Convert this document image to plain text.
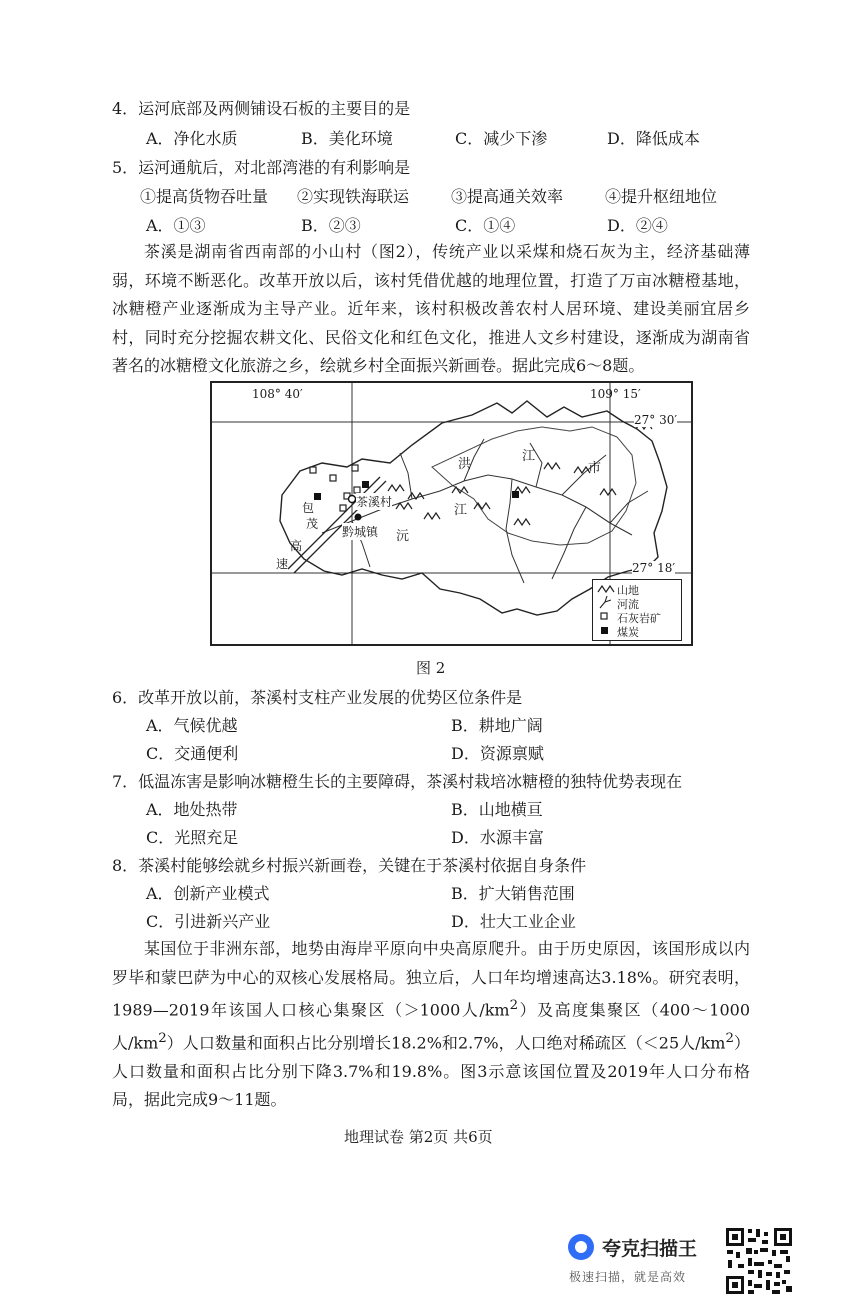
4．运河底部及两侧铺设石板的主要目的是
A．净化水质	B．美化环境	C．减少下渗	D．降低成本
5．运河通航后，对北部湾港的有利影响是
①提高货物吞吐量 ②实现铁海联运	③提高通关效率	④提升枢纽地位
A．①③	B．②③	C．①④	D．②④
茶溪是湖南省西南部的小山村（图2），传统产业以采煤和烧石灰为主，经济基础薄弱，环境不断恶化。改革开放以后，该村凭借优越的地理位置，打造了万亩冰糖橙基地，冰糖橙产业逐渐成为主导产业。近年来，该村积极改善农村人居环境、建设美丽宜居乡村，同时充分挖掘农耕文化、民俗文化和红色文化，推进人文乡村建设，逐渐成为湖南省著名的冰糖橙文化旅游之乡，绘就乡村全面振兴新画卷。据此完成6～8题。
108° 40′	109° 15′
27° 30′
27° 18′
洪
江
市
江
沅
包
茂
高
速
茶溪村
黔城镇
山地
河流
石灰岩矿
煤炭
图 2
6．改革开放以前，茶溪村支柱产业发展的优势区位条件是
A．气候优越	B．耕地广阔
C．交通便利	D．资源禀赋
7．低温冻害是影响冰糖橙生长的主要障碍，茶溪村栽培冰糖橙的独特优势表现在
A．地处热带	B．山地横亘
C．光照充足	D．水源丰富
8．茶溪村能够绘就乡村振兴新画卷，关键在于茶溪村依据自身条件
A．创新产业模式	B．扩大销售范围
C．引进新兴产业	D．壮大工业企业
某国位于非洲东部，地势由海岸平原向中央高原爬升。由于历史原因，该国形成以内罗毕和蒙巴萨为中心的双核心发展格局。独立后，人口年均增速高达3.18%。研究表明，1989—2019年该国人口核心集聚区（＞1000人$/km^2$）及高度集聚区（400～1000人$/km^2$）人口数量和面积占比分别增长18.2%和2.7%，人口绝对稀疏区（＜25人$/km^2$）人口数量和面积占比分别下降3.7%和19.8%。图3示意该国位置及2019年人口分布格局，据此完成9～11题。
地理试卷 第2页 共6页
夸克扫描王
极速扫描，就是高效
